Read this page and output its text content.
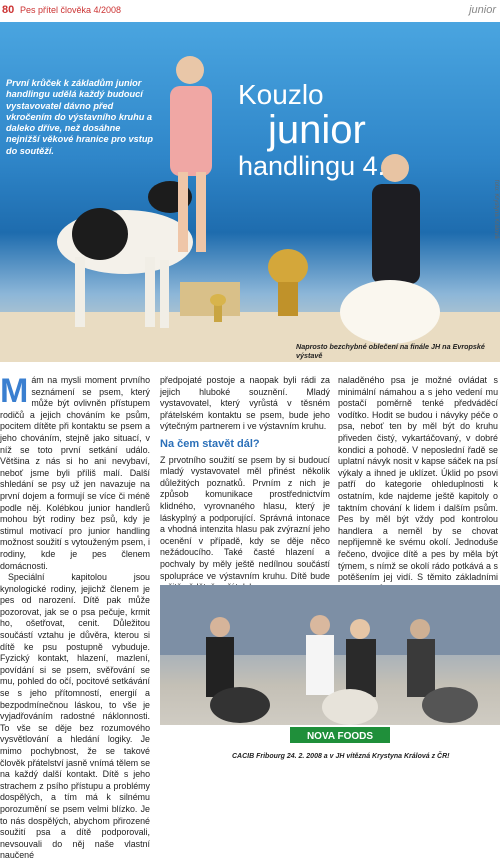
80 Pes přítel člověka 4/2008	junior
První krůček k základům junior handlingu udělá každý budoucí vystavovatel dávno před vkročením do výstavního kruhu a daleko dříve, než dosáhne nejnižší věkové hranice pro vstup do soutěží.
Kouzlo
junior
handlingu 4.
Naprosto bezchybné oblečení na finále JH na Evropské výstavě
foto: Krystyna Králová

Mám na mysli moment prvního seznámení se psem, který může být ovlivněn přístupem rodičů a jejich chováním ke psům, pocitem dítěte při kontaktu se psem a jeho chováním, stejně jako situací, v níž se toto první setkání událo. Většina z nás si ho ani nevybaví, neboť jsme byli příliš malí. Další shledání se psy už jen navazuje na první dojem a formují se více či méně podle něj. Kolébkou junior handlerů mohou být rodiny bez psů, kdy je stimul motivací pro junior handling možnost soužití s vytouženým psem, i rodiny, kde je pes členem domácnosti.

Speciální kapitolou jsou kynologické rodiny, jejichž členem je pes od narození. Dítě pak může pozorovat, jak se o psa pečuje, krmit ho, ošetřovat, cenit. Důležitou součástí vztahu je důvěra, kterou si dítě ke psu postupně vybuduje. Fyzický kontakt, hlazení, mazlení, povídání si se psem, svěřování se mu, pohled do očí, pocitové setkávání se s jeho přítomností, energií a bezpodmínečnou láskou, to vše je vyjadřováním radostné náklonnosti. To vše se děje bez rozumového vysvětlování a hledání logiky. Je mimo pochybnost, že se takové člověk přátelství jasně vnímá tělem se na každý další kontakt. Dítě s jeho strachem z psího přístupu a problémy dospělých, a tím má k silnému porozumění se psem velmi blízko. Je to nás dospělých, abychom přirozené soužití psa a dítě podporovali, nevsouvali do něj naše vlastní naučené

předpojaté postoje a naopak byli rádi za jejich hluboké souznění. Mladý vystavovatel, který vyrůstá v těsném přátelském kontaktu se psem, bude jeho výtečným partnerem i ve výstavním kruhu.

Na čem stavět dál?

Z prvotního soužití se psem by si budoucí mladý vystavovatel měl přinést několik důležitých poznatků. Prvním z nich je způsob komunikace prostřednictvím klidného, vyrovnaného hlasu, který je láskyplný a podporující. Správná intonace a vhodná intenzita hlasu pak zvýrazní jeho ocenění v případě, kdy se děje něco nežádoucího. Také časté hlazení a pochvaly by měly ještě nedílnou součástí spolupráce ve výstavním kruhu. Dítě bude

naladěného psa je možné ovládat s minimální námahou a s jeho vedení mu postačí poměrně tenké předváděcí vodítko. Hodit se budou i návyky péče o psa, neboť ten by měl být do kruhu přiveden čistý, vykartáčovaný, v dobré kondici a pohodě. V neposlední řadě se uplatní návyk nosit v kapse sáček na psí výkaly a ihned je uklízet. Úklid po psovi patří do kategorie ohleduplnosti k ostatním, kde najdeme ještě kapitoly o taktním chování k lidem i dalším psům. Pes by měl být vždy pod kontrolou handlera a neměl by se chovat nepřijemně ke svému okolí. Jednoduše řečeno, dvojice dítě a pes by měla být týmem, s nímž se okolí rádo potkává a s potěšením jej vidí. S těmito základními

NOVA FOODS
CACIB Fribourg 24. 2. 2008 a v JH vítězná Krystyna Králová z ČR!
